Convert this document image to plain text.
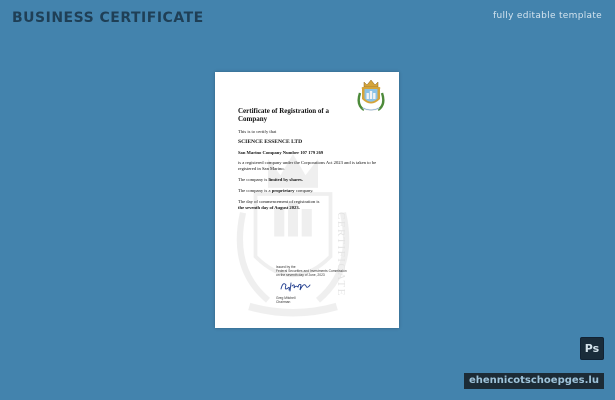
BUSINESS CERTIFICATE	fully editable template
CERTIFICATE
Certificate of Registration of a Company
This is to certify that
SCIENCE ESSENCE LTD
San Marino Company Number 107 179 269
is a registered company under the Corporations Act 2023 and is taken to be registered in San Marino.
The company is limited by shares.
The company is a proprietary company.
The day of commencement of registration is
the seventh day of August 2023.
Issued by the
Federal Securities and Investments Commission
on the seventh day of June, 2023
Greg Mitchell
Chairman
Ps
ehennicotschoepges.lu
